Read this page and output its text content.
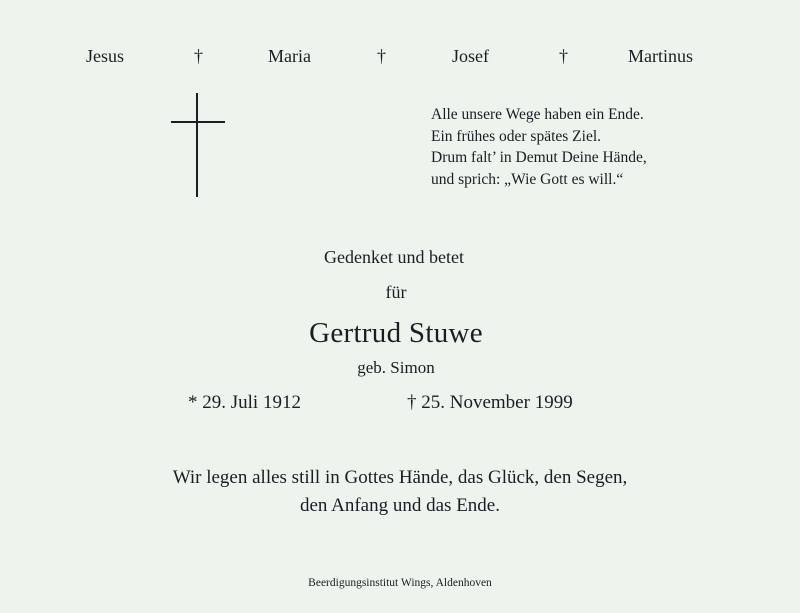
Jesus	†	Maria	†	Josef	†	Martinus
Alle unsere Wege haben ein Ende.
Ein frühes oder spätes Ziel.
Drum falt’ in Demut Deine Hände,
und sprich: „Wie Gott es will.“
Gedenket und betet
für
Gertrud Stuwe
geb. Simon
* 29. Juli 1912	† 25. November 1999
Wir legen alles still in Gottes Hände, das Glück, den Segen,
den Anfang und das Ende.
Beerdigungsinstitut Wings, Aldenhoven
